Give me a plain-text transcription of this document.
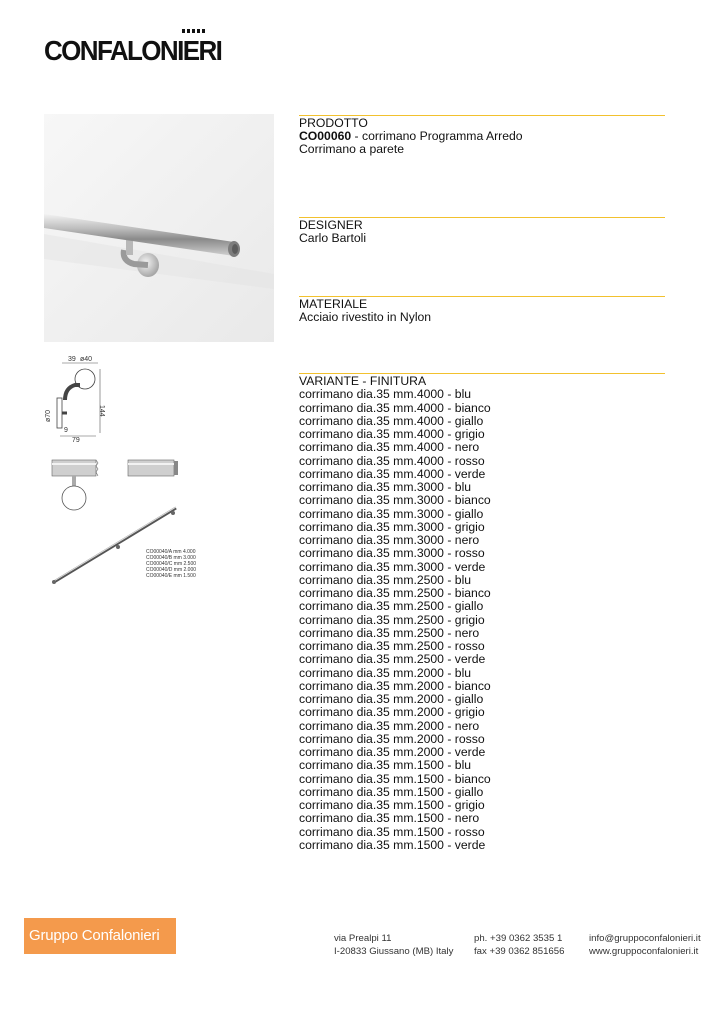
CONFALONIERI
39 ø40
144
ø70
9
79
CO00040/A mm 4.000
CO00040/B mm 3.000
CO00040/C mm 2.500
CO00040/D mm 2.000
CO00040/E mm 1.500
PRODOTTO
CO00060 - corrimano Programma Arredo
Corrimano a parete
DESIGNER
Carlo Bartoli
MATERIALE
Acciaio rivestito in Nylon
VARIANTE - FINITURA
corrimano dia.35 mm.4000 - blu
corrimano dia.35 mm.4000 - bianco
corrimano dia.35 mm.4000 - giallo
corrimano dia.35 mm.4000 - grigio
corrimano dia.35 mm.4000 - nero
corrimano dia.35 mm.4000 - rosso
corrimano dia.35 mm.4000 - verde
corrimano dia.35 mm.3000 - blu
corrimano dia.35 mm.3000 - bianco
corrimano dia.35 mm.3000 - giallo
corrimano dia.35 mm.3000 - grigio
corrimano dia.35 mm.3000 - nero
corrimano dia.35 mm.3000 - rosso
corrimano dia.35 mm.3000 - verde
corrimano dia.35 mm.2500 - blu
corrimano dia.35 mm.2500 - bianco
corrimano dia.35 mm.2500 - giallo
corrimano dia.35 mm.2500 - grigio
corrimano dia.35 mm.2500 - nero
corrimano dia.35 mm.2500 - rosso
corrimano dia.35 mm.2500 - verde
corrimano dia.35 mm.2000 - blu
corrimano dia.35 mm.2000 - bianco
corrimano dia.35 mm.2000 - giallo
corrimano dia.35 mm.2000 - grigio
corrimano dia.35 mm.2000 - nero
corrimano dia.35 mm.2000 - rosso
corrimano dia.35 mm.2000 - verde
corrimano dia.35 mm.1500 - blu
corrimano dia.35 mm.1500 - bianco
corrimano dia.35 mm.1500 - giallo
corrimano dia.35 mm.1500 - grigio
corrimano dia.35 mm.1500 - nero
corrimano dia.35 mm.1500 - rosso
corrimano dia.35 mm.1500 - verde
Gruppo Confalonieri	via Prealpi 11
I-20833 Giussano (MB) Italy
ph. +39 0362 3535 1
fax +39 0362 851656
info@gruppoconfalonieri.it
www.gruppoconfalonieri.it
